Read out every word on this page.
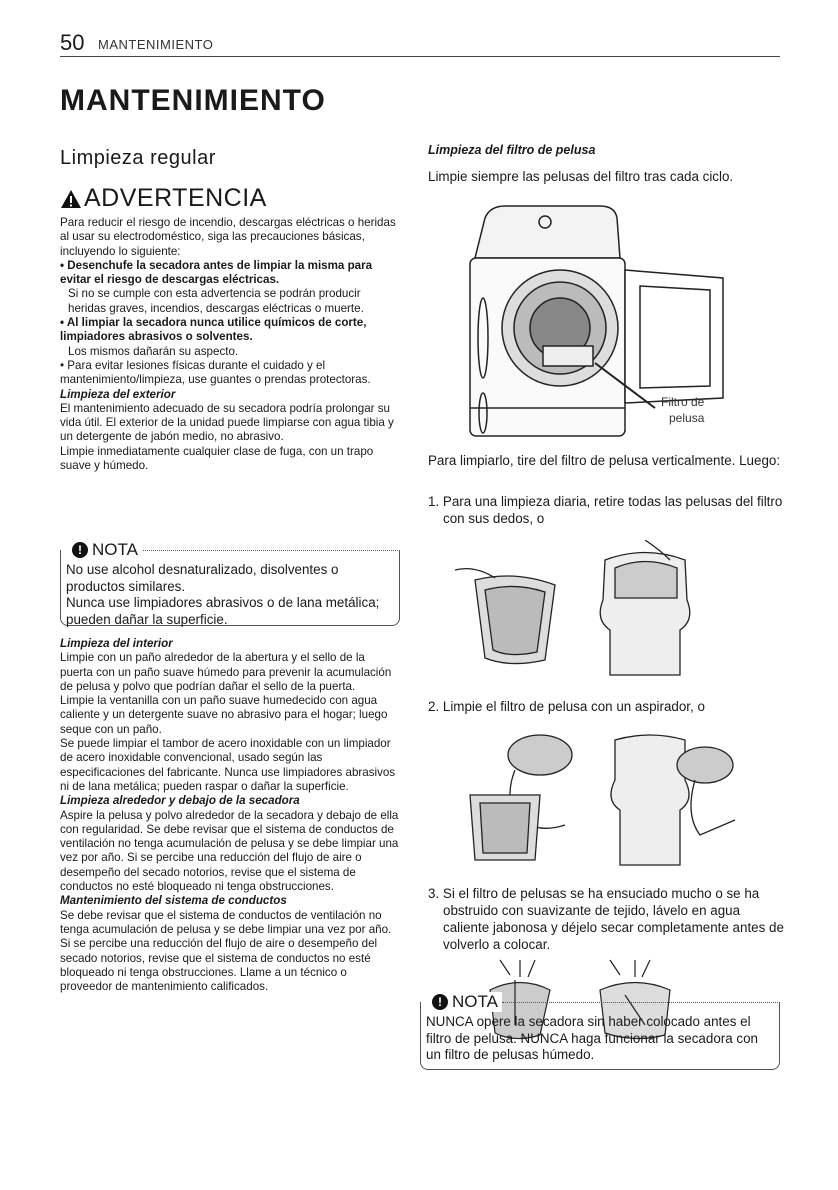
50 MANTENIMIENTO
MANTENIMIENTO
Limpieza regular
ADVERTENCIA

Para reducir el riesgo de incendio, descargas eléctricas o heridas al usar su electrodoméstico, siga las precauciones básicas, incluyendo lo siguiente:

• Desenchufe la secadora antes de limpiar la misma para evitar el riesgo de descargas eléctricas.

Si no se cumple con esta advertencia se podrán producir heridas graves, incendios, descargas eléctricas o muerte.

• Al limpiar la secadora nunca utilice químicos de corte, limpiadores abrasivos o solventes.

Los mismos dañarán su aspecto.

• Para evitar lesiones físicas durante el cuidado y el mantenimiento/limpieza, use guantes o prendas protectoras.

Limpieza del exterior

El mantenimiento adecuado de su secadora podría prolongar su vida útil. El exterior de la unidad puede limpiarse con agua tibia y un detergente de jabón medio, no abrasivo.

Limpie inmediatamente cualquier clase de fuga, con un trapo suave y húmedo.

! NOTA
No use alcohol desnaturalizado, disolventes o productos similares.
Nunca use limpiadores abrasivos o de lana metálica; pueden dañar la superficie.

Limpieza del interior

Limpie con un paño alrededor de la abertura y el sello de la puerta con un paño suave húmedo para prevenir la acumulación de pelusa y polvo que podrían dañar el sello de la puerta.

Limpie la ventanilla con un paño suave humedecido con agua caliente y un detergente suave no abrasivo para el hogar; luego seque con un paño.

Se puede limpiar el tambor de acero inoxidable con un limpiador de acero inoxidable convencional, usado según las especificaciones del fabricante. Nunca use limpiadores abrasivos ni de lana metálica; pueden raspar o dañar la superficie.

Limpieza alrededor y debajo de la secadora

Aspire la pelusa y polvo alrededor de la secadora y debajo de ella con regularidad. Se debe revisar que el sistema de conductos de ventilación no tenga acumulación de pelusa y se debe limpiar una vez por año. Si se percibe una reducción del flujo de aire o desempeño del secado notorios, revise que el sistema de conductos no esté bloqueado ni tenga obstrucciones.

Mantenimiento del sistema de conductos

Se debe revisar que el sistema de conductos de ventilación no tenga acumulación de pelusa y se debe limpiar una vez por año. Si se percibe una reducción del flujo de aire o desempeño del secado notorios, revise que el sistema de conductos no esté bloqueado ni tenga obstrucciones. Llame a un técnico o proveedor de mantenimiento calificados.

Limpieza del filtro de pelusa
Limpie siempre las pelusas del filtro tras cada ciclo.
Filtro de
pelusa
Para limpiarlo, tire del filtro de pelusa verticalmente. Luego:

1. Para una limpieza diaria, retire todas las pelusas del filtro con sus dedos, o

2. Limpie el filtro de pelusa con un aspirador, o

3. Si el filtro de pelusas se ha ensuciado mucho o se ha obstruido con suavizante de tejido, lávelo en agua caliente jabonosa y déjelo secar completamente antes de volverlo a colocar.

! NOTA
NUNCA opere la secadora sin haber colocado antes el filtro de pelusa. NUNCA haga funcionar la secadora con un filtro de pelusas húmedo.
